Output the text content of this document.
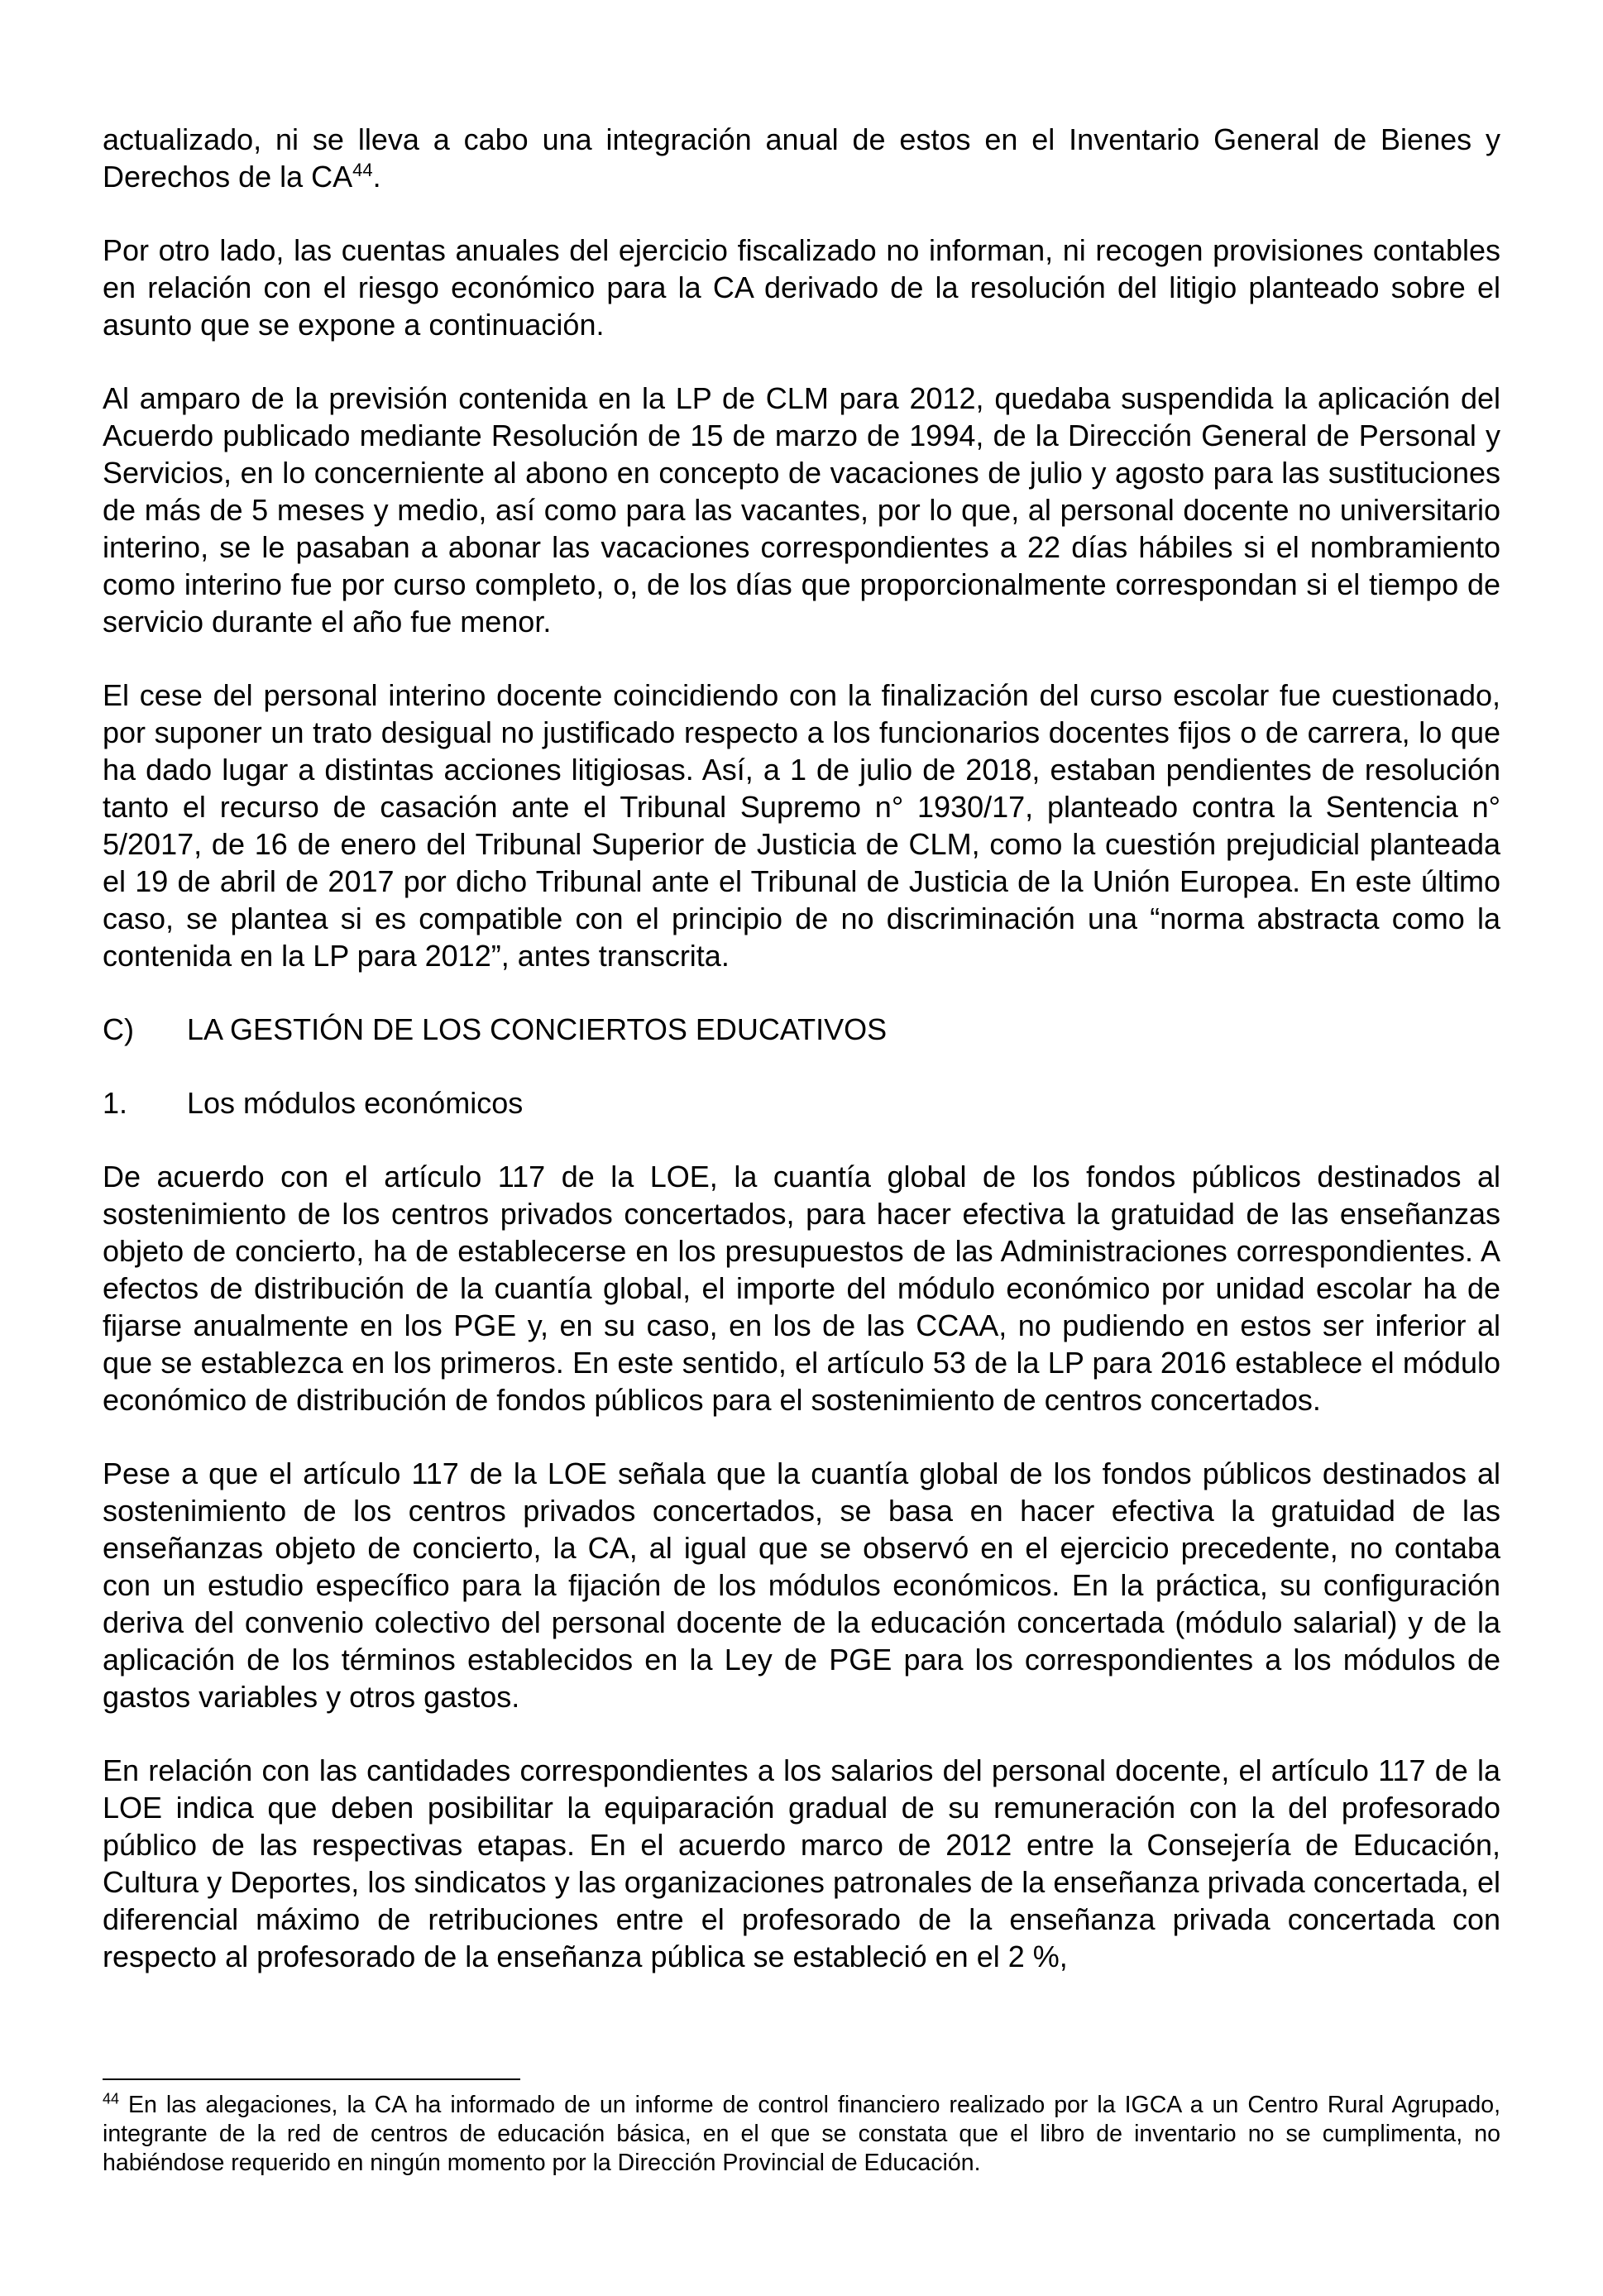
actualizado, ni se lleva a cabo una integración anual de estos en el Inventario General de Bienes y Derechos de la CA$^{44}$.

Por otro lado, las cuentas anuales del ejercicio fiscalizado no informan, ni recogen provisiones contables en relación con el riesgo económico para la CA derivado de la resolución del litigio planteado sobre el asunto que se expone a continuación.

Al amparo de la previsión contenida en la LP de CLM para 2012, quedaba suspendida la aplicación del Acuerdo publicado mediante Resolución de 15 de marzo de 1994, de la Dirección General de Personal y Servicios, en lo concerniente al abono en concepto de vacaciones de julio y agosto para las sustituciones de más de 5 meses y medio, así como para las vacantes, por lo que, al personal docente no universitario interino, se le pasaban a abonar las vacaciones correspondientes a 22 días hábiles si el nombramiento como interino fue por curso completo, o, de los días que proporcionalmente correspondan si el tiempo de servicio durante el año fue menor.

El cese del personal interino docente coincidiendo con la finalización del curso escolar fue cuestionado, por suponer un trato desigual no justificado respecto a los funcionarios docentes fijos o de carrera, lo que ha dado lugar a distintas acciones litigiosas. Así, a 1 de julio de 2018, estaban pendientes de resolución tanto el recurso de casación ante el Tribunal Supremo n° 1930/17, planteado contra la Sentencia n° 5/2017, de 16 de enero del Tribunal Superior de Justicia de CLM, como la cuestión prejudicial planteada el 19 de abril de 2017 por dicho Tribunal ante el Tribunal de Justicia de la Unión Europea. En este último caso, se plantea si es compatible con el principio de no discriminación una “norma abstracta como la contenida en la LP para 2012”, antes transcrita.

C)	LA GESTIÓN DE LOS CONCIERTOS EDUCATIVOS
1.	Los módulos económicos

De acuerdo con el artículo 117 de la LOE, la cuantía global de los fondos públicos destinados al sostenimiento de los centros privados concertados, para hacer efectiva la gratuidad de las enseñanzas objeto de concierto, ha de establecerse en los presupuestos de las Administraciones correspondientes. A efectos de distribución de la cuantía global, el importe del módulo económico por unidad escolar ha de fijarse anualmente en los PGE y, en su caso, en los de las CCAA, no pudiendo en estos ser inferior al que se establezca en los primeros. En este sentido, el artículo 53 de la LP para 2016 establece el módulo económico de distribución de fondos públicos para el sostenimiento de centros concertados.

Pese a que el artículo 117 de la LOE señala que la cuantía global de los fondos públicos destinados al sostenimiento de los centros privados concertados, se basa en hacer efectiva la gratuidad de las enseñanzas objeto de concierto, la CA, al igual que se observó en el ejercicio precedente, no contaba con un estudio específico para la fijación de los módulos económicos. En la práctica, su configuración deriva del convenio colectivo del personal docente de la educación concertada (módulo salarial) y de la aplicación de los términos establecidos en la Ley de PGE para los correspondientes a los módulos de gastos variables y otros gastos.

En relación con las cantidades correspondientes a los salarios del personal docente, el artículo 117 de la LOE indica que deben posibilitar la equiparación gradual de su remuneración con la del profesorado público de las respectivas etapas. En el acuerdo marco de 2012 entre la Consejería de Educación, Cultura y Deportes, los sindicatos y las organizaciones patronales de la enseñanza privada concertada, el diferencial máximo de retribuciones entre el profesorado de la enseñanza privada concertada con respecto al profesorado de la enseñanza pública se estableció en el 2 %,

$^{44}$ En las alegaciones, la CA ha informado de un informe de control financiero realizado por la IGCA a un Centro Rural Agrupado, integrante de la red de centros de educación básica, en el que se constata que el libro de inventario no se cumplimenta, no habiéndose requerido en ningún momento por la Dirección Provincial de Educación.
